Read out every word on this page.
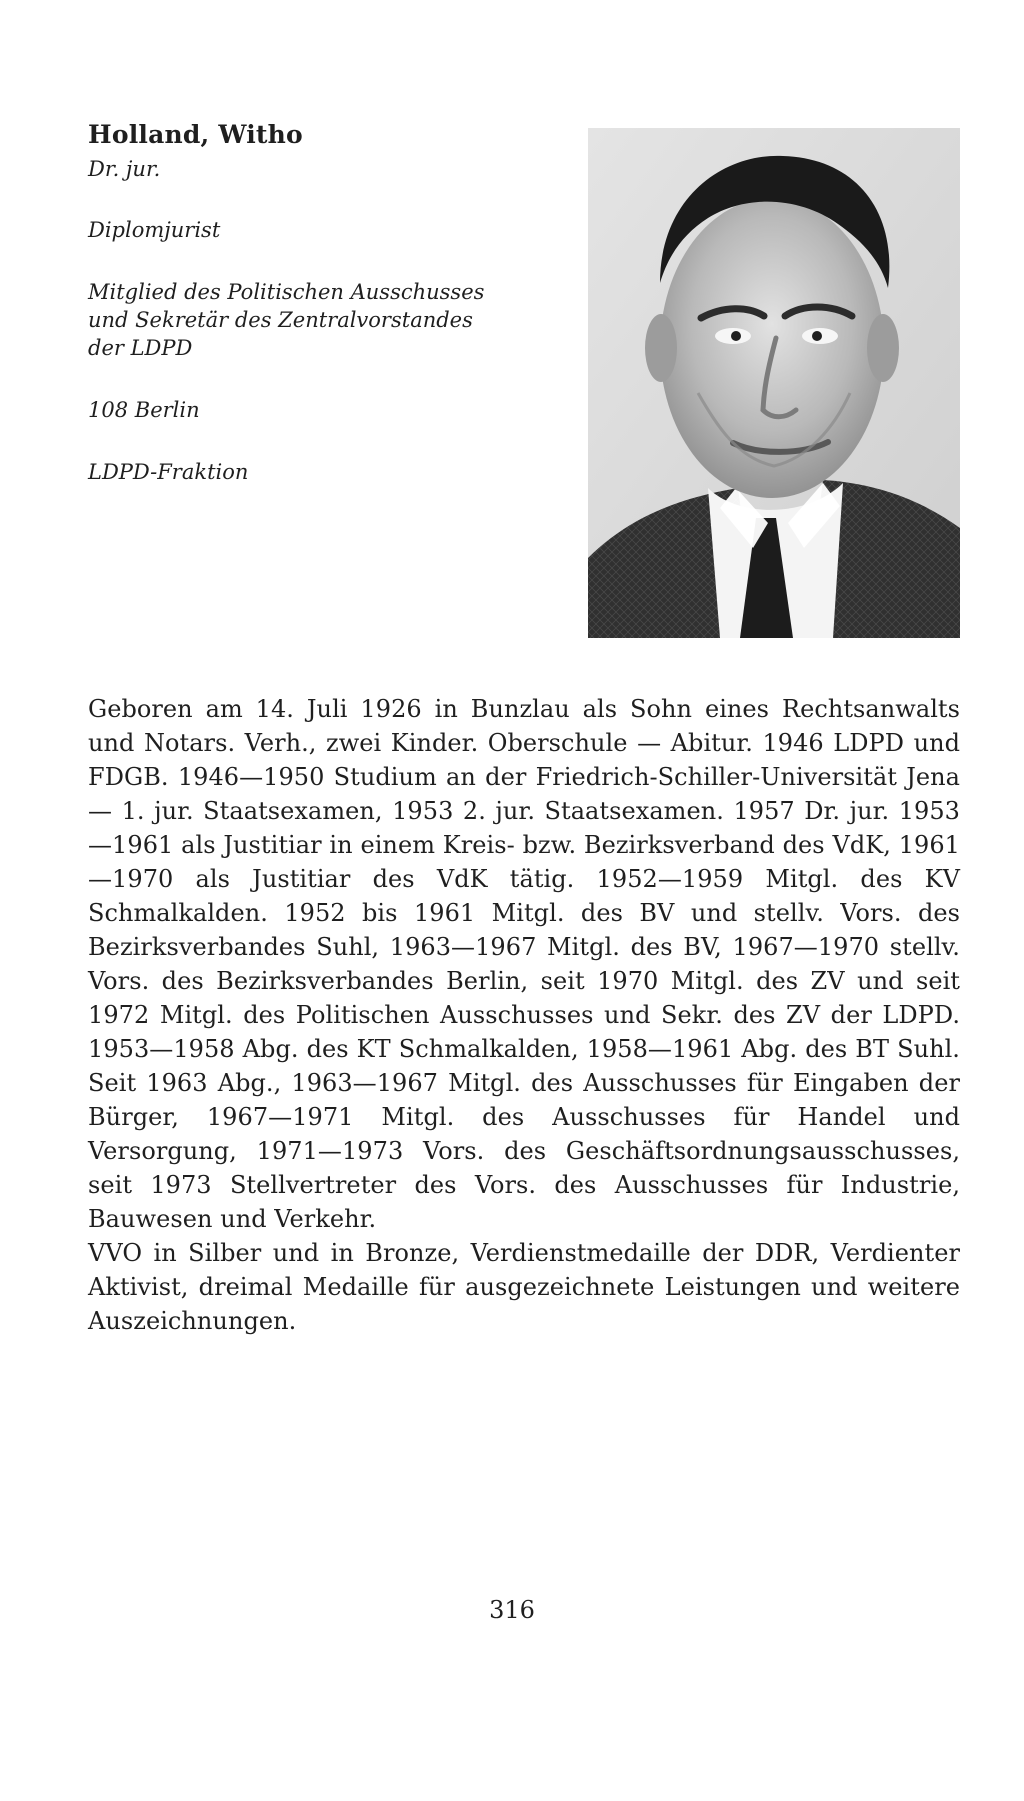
Holland, Witho

Dr. jur.

Diplomjurist

Mitglied des Politischen Ausschusses
und Sekretär des Zentralvorstandes
der LDPD

108 Berlin

LDPD-Fraktion

Geboren am 14. Juli 1926 in Bunzlau als Sohn eines Rechtsanwalts und Notars. Verh., zwei Kinder. Oberschule — Abitur. 1946 LDPD und FDGB. 1946—1950 Studium an der Friedrich-Schiller-Universität Jena — 1. jur. Staatsexamen, 1953 2. jur. Staatsexamen. 1957 Dr. jur. 1953—1961 als Justitiar in einem Kreis- bzw. Bezirksverband des VdK, 1961—1970 als Justitiar des VdK tätig. 1952—1959 Mitgl. des KV Schmalkalden. 1952 bis 1961 Mitgl. des BV und stellv. Vors. des Bezirksverbandes Suhl, 1963—1967 Mitgl. des BV, 1967—1970 stellv. Vors. des Bezirksverbandes Berlin, seit 1970 Mitgl. des ZV und seit 1972 Mitgl. des Politischen Ausschusses und Sekr. des ZV der LDPD. 1953—1958 Abg. des KT Schmalkalden, 1958—1961 Abg. des BT Suhl. Seit 1963 Abg., 1963—1967 Mitgl. des Ausschusses für Eingaben der Bürger, 1967—1971 Mitgl. des Ausschusses für Handel und Versorgung, 1971—1973 Vors. des Geschäftsordnungsausschusses, seit 1973 Stellvertreter des Vors. des Ausschusses für Industrie, Bauwesen und Verkehr.

VVO in Silber und in Bronze, Verdienstmedaille der DDR, Verdienter Aktivist, dreimal Medaille für ausgezeichnete Leistungen und weitere Auszeichnungen.

316
